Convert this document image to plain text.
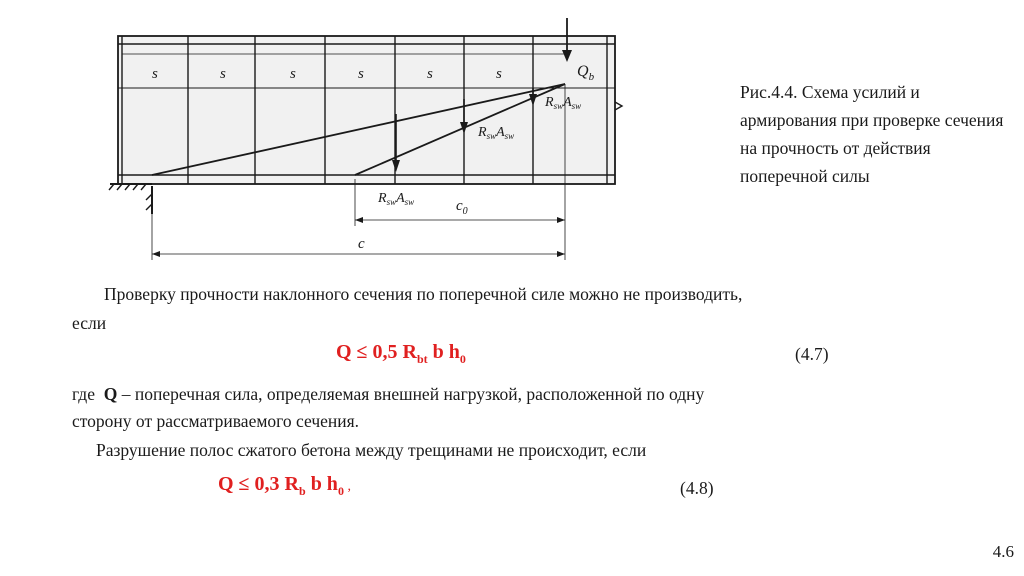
s	s	s	s	s	s	$Q_b$
$R_{sw}A_{sw}$
$R_{sw}A_{sw}$
$R_{sw}A_{sw}$	$c_0$
c
Рис.4.4. Схема усилий и армирования при проверке сечения на прочность от действия поперечной силы
Проверку прочности наклонного сечения по поперечной силе можно не производить,
если
Q ≤ 0,5 $R_{bt}$ b $h_0$	(4.7)
где Q – поперечная сила, определяемая внешней нагрузкой, расположенной по одну
сторону от рассматриваемого сечения.
Разрушение полос сжатого бетона между трещинами не происходит, если
Q ≤ 0,3 $R_b$ b $h_0$ ,	(4.8)
4.6
